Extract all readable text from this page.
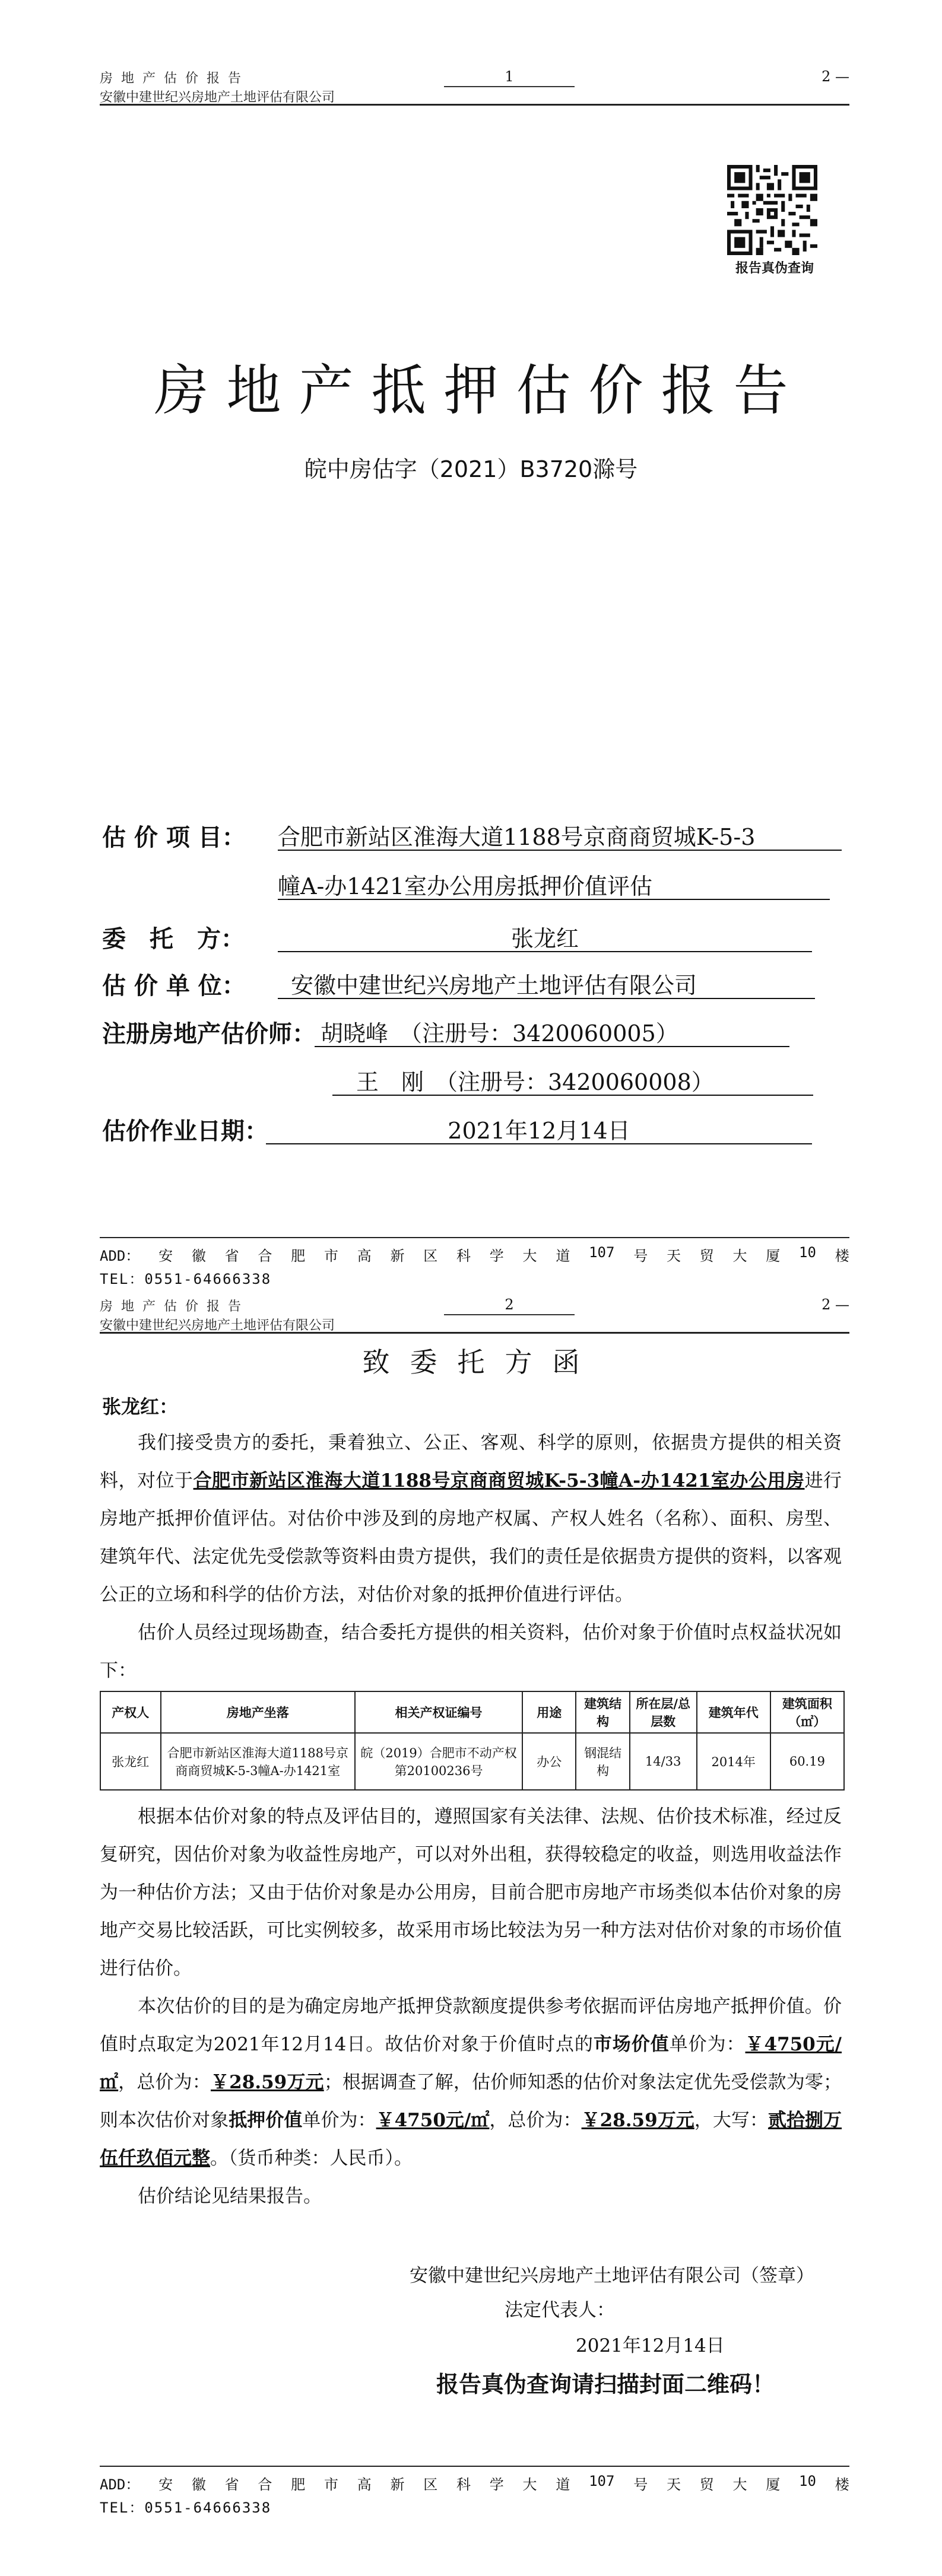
房地产估价报告
安徽中建世纪兴房地产土地评估有限公司
1	2 —
报告真伪查询
房地产抵押估价报告
皖中房估字（2021）B3720滁号
估 价 项 目： 合肥市新站区淮海大道1188号京商商贸城K-5-3
幢A-办1421室办公用房抵押价值评估
委　托　方：	张龙红
估 价 单 位： 安徽中建世纪兴房地产土地评估有限公司
注册房地产估价师： 胡晓峰　（注册号：3420060005）
王　刚　（注册号：3420060008）
估价作业日期：	2021年12月14日
ADD： 安 徽 省 合 肥 市 高 新 区 科 学 大 道 107 号 天 贸 大 厦 10 楼
TEL：0551-64666338
房地产估价报告
安徽中建世纪兴房地产土地评估有限公司
2	2 —
致委托方函
张龙红：
我们接受贵方的委托，秉着独立、公正、客观、科学的原则，依据贵方提供的相关资料，对位于合肥市新站区淮海大道1188号京商商贸城K-5-3幢A-办1421室办公用房进行房地产抵押价值评估。对估价中涉及到的房地产权属、产权人姓名（名称）、面积、房型、建筑年代、法定优先受偿款等资料由贵方提供，我们的责任是依据贵方提供的资料，以客观公正的立场和科学的估价方法，对估价对象的抵押价值进行评估。
估价人员经过现场勘查，结合委托方提供的相关资料，估价对象于价值时点权益状况如下：
产权人	房地产坐落	相关产权证编号	用途	建筑结构	所在层/总层数	建筑年代	建筑面积（㎡）
张龙红	合肥市新站区淮海大道1188号京商商贸城K-5-3幢A-办1421室	皖（2019）合肥市不动产权第20100236号	办公	钢混结构	14/33	2014年	60.19
根据本估价对象的特点及评估目的，遵照国家有关法律、法规、估价技术标准，经过反复研究，因估价对象为收益性房地产，可以对外出租，获得较稳定的收益，则选用收益法作为一种估价方法；又由于估价对象是办公用房，目前合肥市房地产市场类似本估价对象的房地产交易比较活跃，可比实例较多，故采用市场比较法为另一种方法对估价对象的市场价值进行估价。
本次估价的目的是为确定房地产抵押贷款额度提供参考依据而评估房地产抵押价值。价值时点取定为2021年12月14日。故估价对象于价值时点的市场价值单价为：￥4750元/㎡，总价为：￥28.59万元；根据调查了解，估价师知悉的估价对象法定优先受偿款为零；则本次估价对象抵押价值单价为：￥4750元/㎡，总价为：￥28.59万元，大写：贰拾捌万伍仟玖佰元整。（货币种类：人民币）。
估价结论见结果报告。
安徽中建世纪兴房地产土地评估有限公司（签章）
法定代表人：
2021年12月14日
报告真伪查询请扫描封面二维码！
ADD： 安 徽 省 合 肥 市 高 新 区 科 学 大 道 107 号 天 贸 大 厦 10 楼
TEL：0551-64666338
